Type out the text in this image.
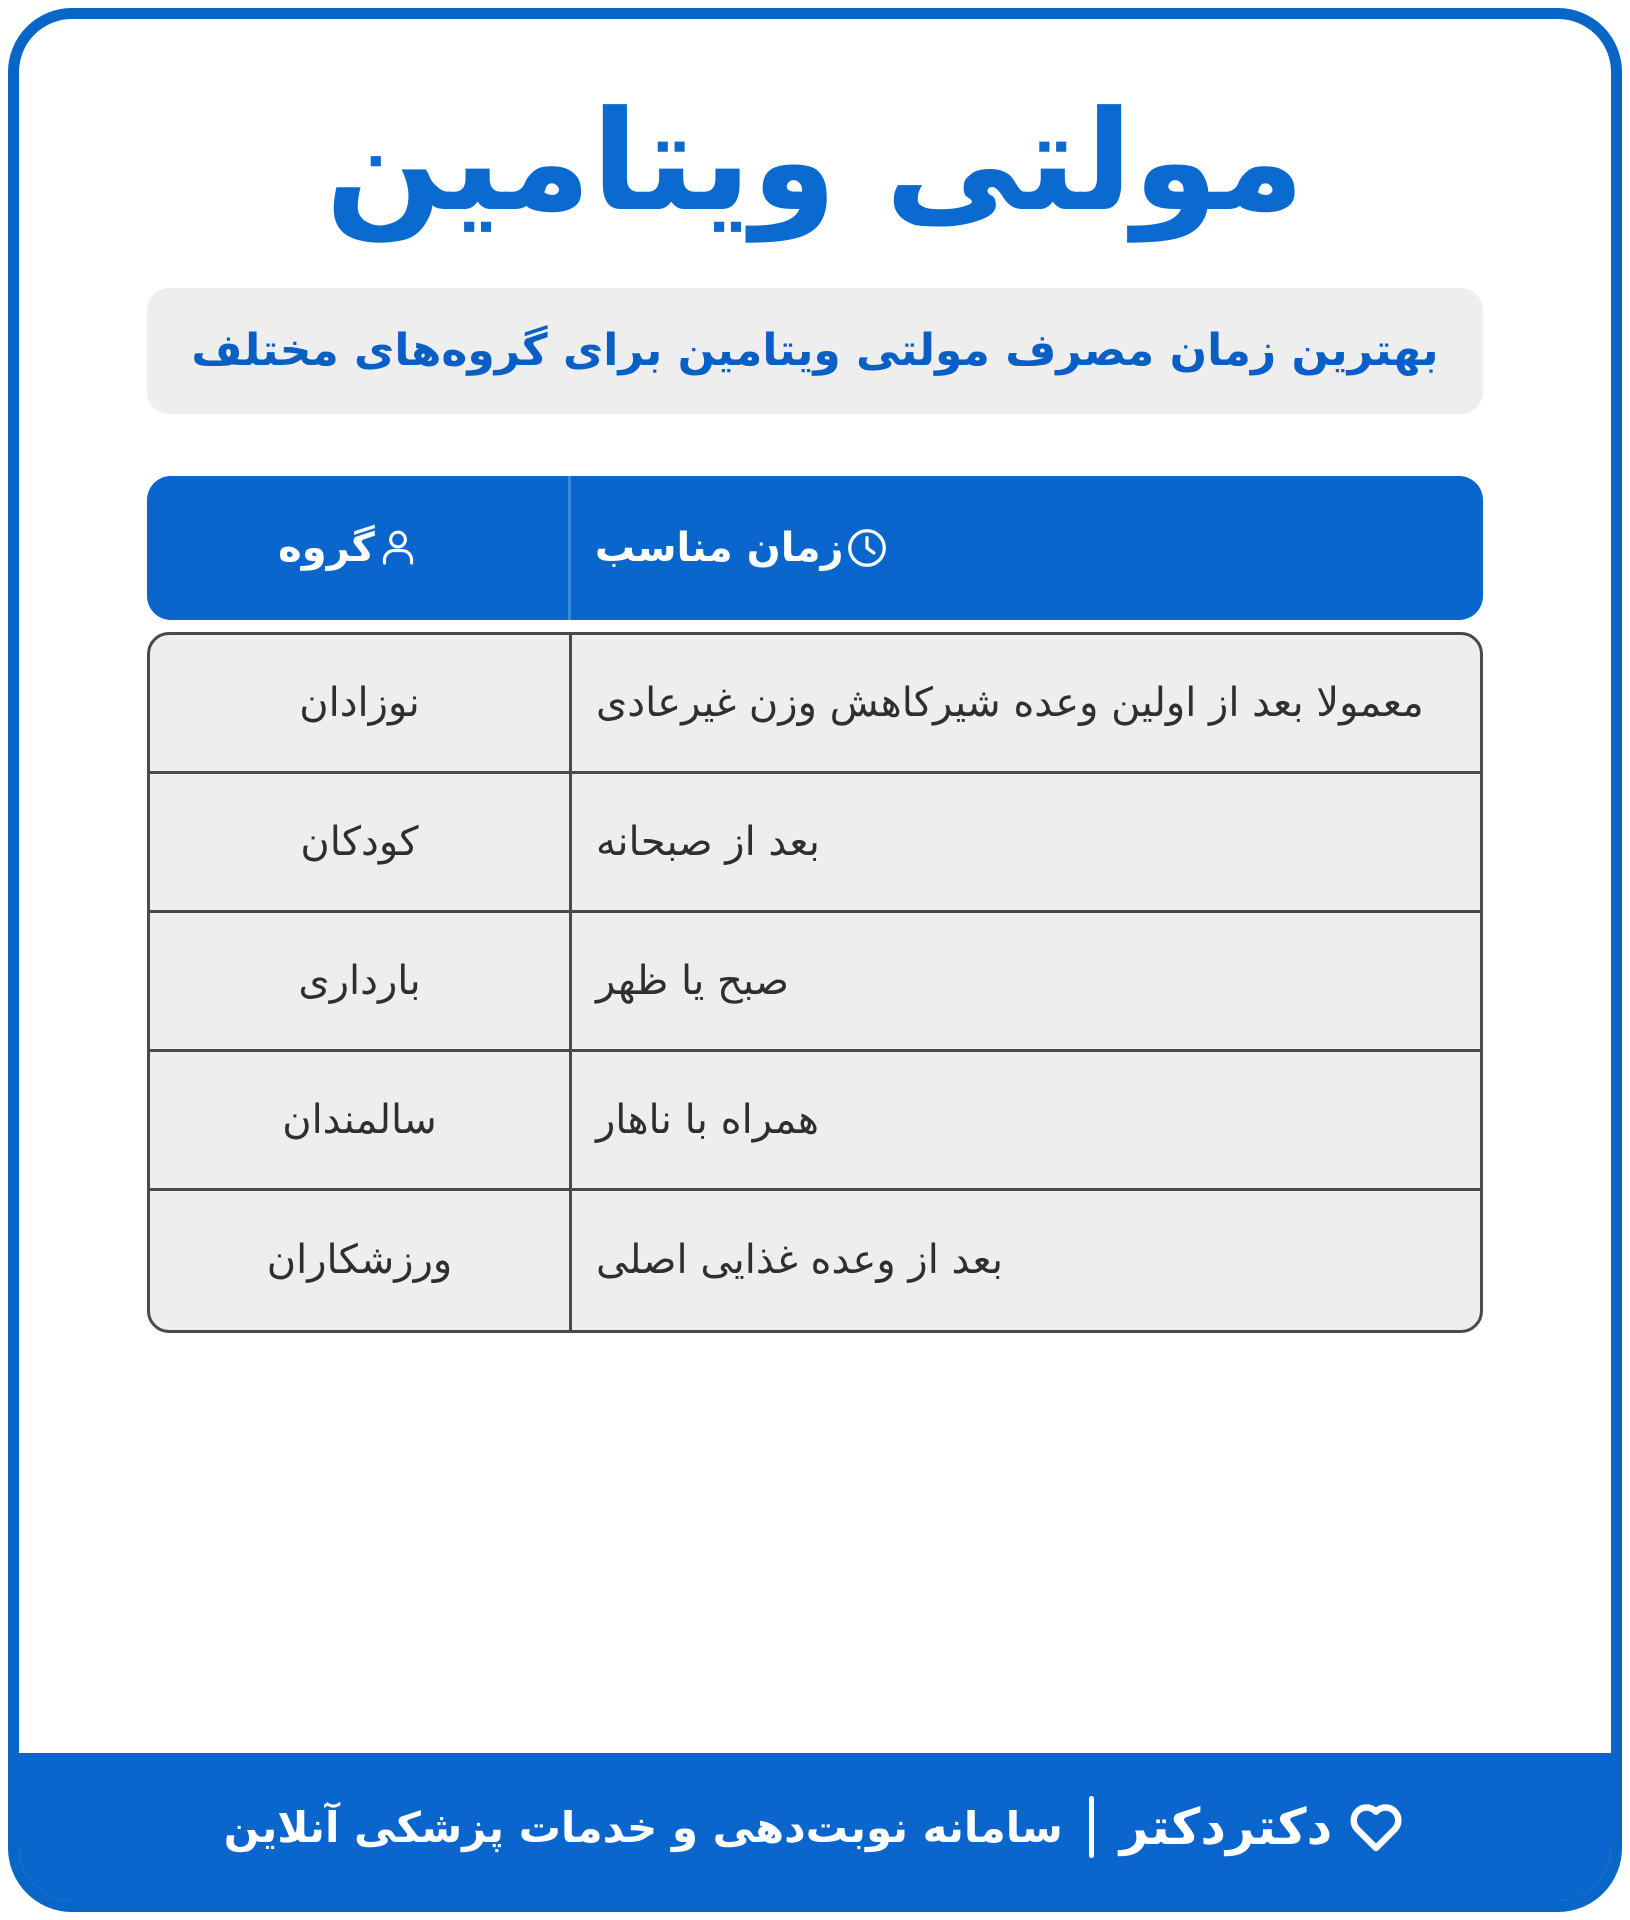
مولتی ویتامین
بهترین زمان مصرف مولتی ویتامین برای گروه‌های مختلف
زمان مناسب
گروه
معمولا بعد از اولین وعده شیرکاهش وزن غیرعادی
نوزادان
بعد از صبحانه
کودکان
صبح یا ظهر
بارداری
همراه با ناهار
سالمندان
بعد از وعده غذایی اصلی
ورزشکاران
دکتردکتر
سامانه نوبت‌دهی و خدمات پزشکی آنلاین
